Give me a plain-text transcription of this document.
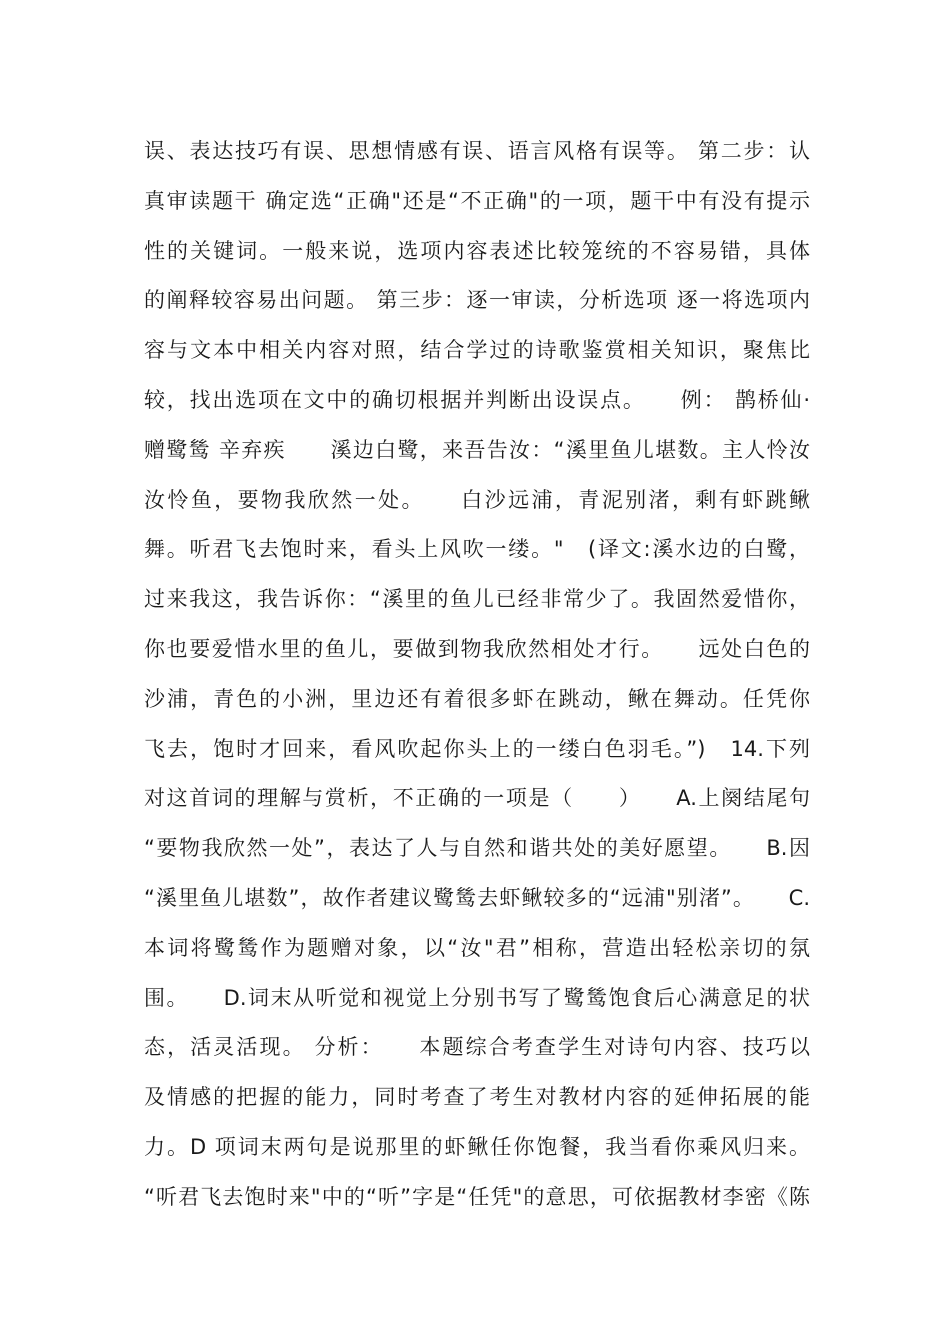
误、表达技巧有误、思想情感有误、语言风格有误等。 第二步：认
真审读题干 确定选“正确"还是“不正确"的一项，题干中有没有提示
性的关键词。一般来说，选项内容表述比较笼统的不容易错，具体
的阐释较容易出问题。 第三步：逐一审读，分析选项 逐一将选项内
容与文本中相关内容对照，结合学过的诗歌鉴赏相关知识，聚焦比
较，找出选项在文中的确切根据并判断出设误点。　　例： 鹊桥仙·
赠鹭鸶 辛弃疾　　溪边白鹭，来吾告汝：“溪里鱼儿堪数。主人怜汝
汝怜鱼，要物我欣然一处。　　白沙远浦，青泥别渚，剩有虾跳鳅
舞。听君飞去饱时来，看头上风吹一缕。"　(译文:溪水边的白鹭，
过来我这，我告诉你：“溪里的鱼儿已经非常少了。我固然爱惜你，
你也要爱惜水里的鱼儿，要做到物我欣然相处才行。　　远处白色的
沙浦，青色的小洲，里边还有着很多虾在跳动，鳅在舞动。任凭你
飞去，饱时才回来，看风吹起你头上的一缕白色羽毛。”)　14.下列
对这首词的理解与赏析，不正确的一项是（　　）　　A.上阕结尾句
“要物我欣然一处”，表达了人与自然和谐共处的美好愿望。　　B.因
“溪里鱼儿堪数”，故作者建议鹭鸶去虾鳅较多的“远浦"别渚”。　　C.
本词将鹭鸶作为题赠对象，以“汝"君”相称，营造出轻松亲切的氛
围。　　D.词末从听觉和视觉上分别书写了鹭鸶饱食后心满意足的状
态，活灵活现。 分析：　　本题综合考查学生对诗句内容、技巧以
及情感的把握的能力，同时考查了考生对教材内容的延伸拓展的能
力。D 项词末两句是说那里的虾鳅任你饱餐，我当看你乘风归来。
“听君飞去饱时来"中的“听”字是“任凭"的意思，可依据教材李密《陈
